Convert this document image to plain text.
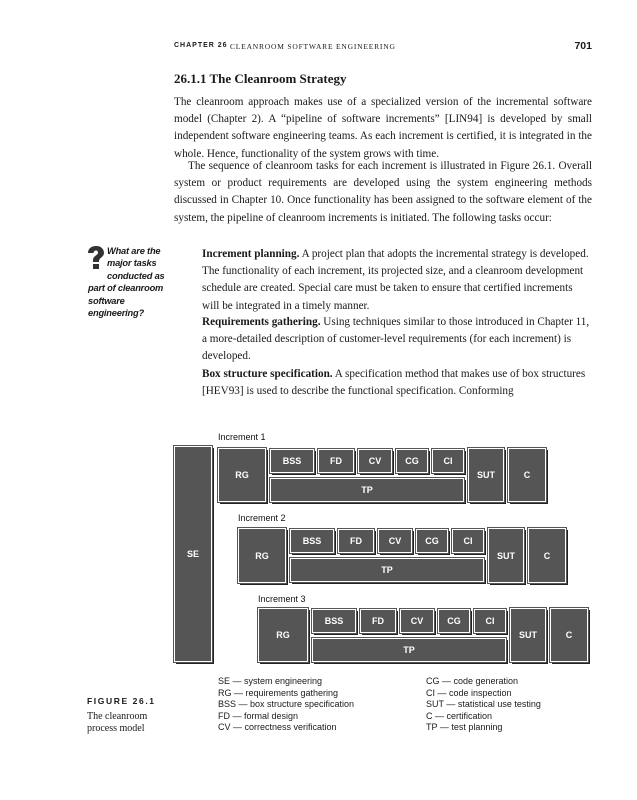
CHAPTER 26 CLEANROOM SOFTWARE ENGINEERING	701
26.1.1 The Cleanroom Strategy

The cleanroom approach makes use of a specialized version of the incremental software model (Chapter 2). A “pipeline of software increments” [LIN94] is developed by small independent software engineering teams. As each increment is certified, it is integrated in the whole. Hence, functionality of the system grows with time.

The sequence of cleanroom tasks for each increment is illustrated in Figure 26.1. Overall system or product requirements are developed using the system engineering methods discussed in Chapter 10. Once functionality has been assigned to the software element of the system, the pipeline of cleanroom increments is initiated. The following tasks occur:

What are the major tasks conducted as part of cleanroom software engineering?

Increment planning. A project plan that adopts the incremental strategy is developed. The functionality of each increment, its projected size, and a cleanroom development schedule are created. Special care must be taken to ensure that certified increments will be integrated in a timely manner.

Requirements gathering. Using techniques similar to those introduced in Chapter 11, a more-detailed description of customer-level requirements (for each increment) is developed.

Box structure specification. A specification method that makes use of box structures [HEV93] is used to describe the functional specification. Conforming

SE
Increment 1
RG
BSS	FD	CV	CG	CI
TP
SUT	C
Increment 2
RG
BSS	FD	CV	CG	CI
TP
SUT	C
Increment 3
RG
BSS	FD	CV	CG	CI
TP
SUT	C
FIGURE 26.1
The cleanroom process model
SE — system engineering
RG — requirements gathering
BSS — box structure specification
FD — formal design
CV — correctness verification
CG — code generation
CI — code inspection
SUT — statistical use testing
C — certification
TP — test planning
